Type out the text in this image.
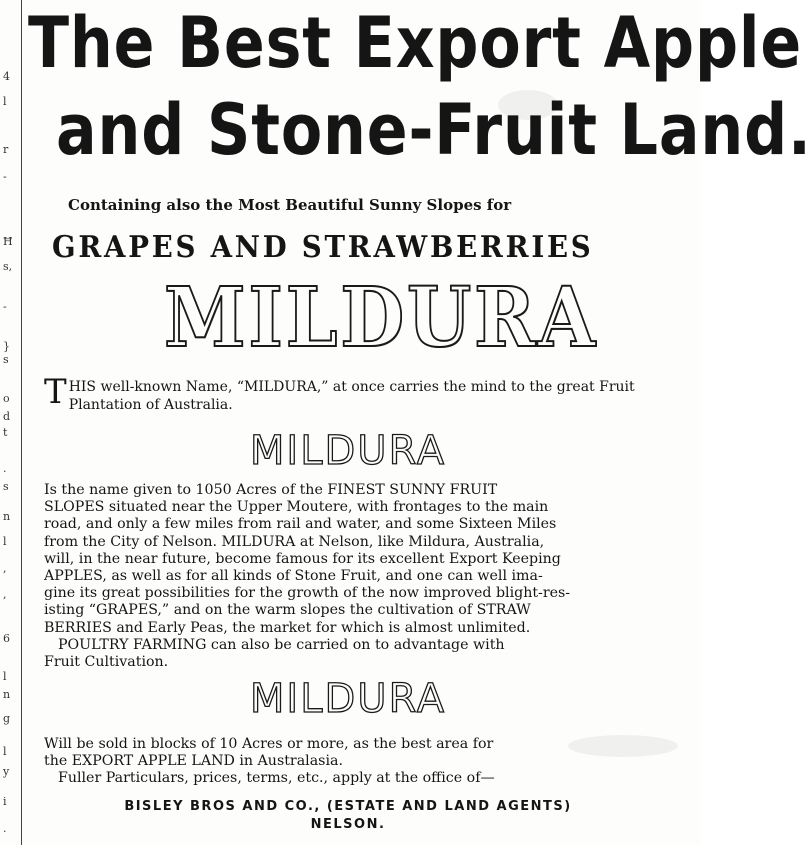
4
l
r
-
Ħ
s,
-
}
s
o
d
t
.
s
n
l
,
,
6
l
n
g
l
y
i
.
The Best Export Apple
and Stone-Fruit Land.
Containing also the Most Beautiful Sunny Slopes for
GRAPES AND STRAWBERRIES
MILDURA
T HIS well-known Name, “MILDURA,” at once carries the mind to the great Fruit Plantation of Australia.
MILDURA
Is the name given to 1050 Acres of the FINEST SUNNY FRUIT
SLOPES situated near the Upper Moutere, with frontages to the main
road, and only a few miles from rail and water, and some Sixteen Miles
from the City of Nelson. MILDURA at Nelson, like Mildura, Australia,
will, in the near future, become famous for its excellent Export Keeping
APPLES, as well as for all kinds of Stone Fruit, and one can well ima-
gine its great possibilities for the growth of the now improved blight-res-
isting “GRAPES,” and on the warm slopes the cultivation of STRAW
BERRIES and Early Peas, the market for which is almost unlimited.
POULTRY FARMING can also be carried on to advantage with
Fruit Cultivation.
MILDURA
Will be sold in blocks of 10 Acres or more, as the best area for
the EXPORT APPLE LAND in Australasia.
Fuller Particulars, prices, terms, etc., apply at the office of—
BISLEY BROS AND CO., (ESTATE AND LAND AGENTS)
NELSON.
